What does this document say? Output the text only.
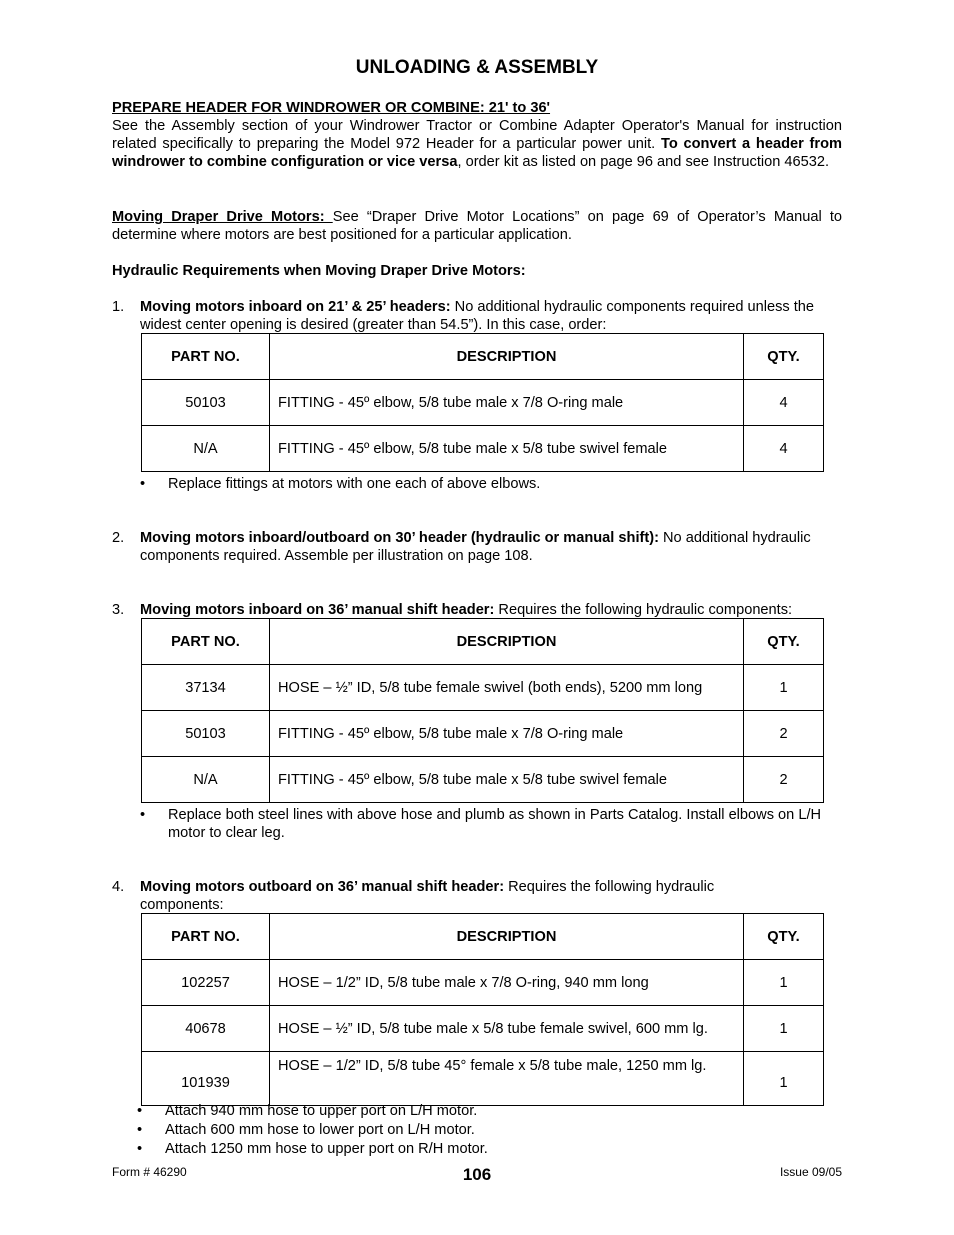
UNLOADING & ASSEMBLY
PREPARE HEADER FOR WINDROWER OR COMBINE: 21' to 36'
See the Assembly section of your Windrower Tractor or Combine Adapter Operator's Manual for instruction related specifically to preparing the Model 972 Header for a particular power unit. To convert a header from windrower to combine configuration or vice versa, order kit as listed on page 96 and see Instruction 46532.
Moving Draper Drive Motors: See “Draper Drive Motor Locations” on page 69 of Operator’s Manual to determine where motors are best positioned for a particular application.
Hydraulic Requirements when Moving Draper Drive Motors:
1. Moving motors inboard on 21’ & 25’ headers: No additional hydraulic components required unless the widest center opening is desired (greater than 54.5”). In this case, order:
PART NO.	DESCRIPTION	QTY.
50103	FITTING - 45º elbow, 5/8 tube male x 7/8 O-ring male	4
N/A	FITTING - 45º elbow, 5/8 tube male x 5/8 tube swivel female	4
• Replace fittings at motors with one each of above elbows.
2. Moving motors inboard/outboard on 30’ header (hydraulic or manual shift): No additional hydraulic components required. Assemble per illustration on page 108.
3. Moving motors inboard on 36’ manual shift header: Requires the following hydraulic components:
PART NO.	DESCRIPTION	QTY.
37134	HOSE – ½” ID, 5/8 tube female swivel (both ends), 5200 mm long	1
50103	FITTING - 45º elbow, 5/8 tube male x 7/8 O-ring male	2
N/A	FITTING - 45º elbow, 5/8 tube male x 5/8 tube swivel female	2
• Replace both steel lines with above hose and plumb as shown in Parts Catalog. Install elbows on L/H motor to clear leg.
4. Moving motors outboard on 36’ manual shift header: Requires the following hydraulic components:
PART NO.	DESCRIPTION	QTY.
102257	HOSE – 1/2” ID, 5/8 tube male x 7/8 O-ring, 940 mm long	1
40678	HOSE – ½” ID, 5/8 tube male x 5/8 tube female swivel, 600 mm lg.	1
101939	HOSE – 1/2” ID, 5/8 tube 45° female x 5/8 tube male, 1250 mm lg.	1
• Attach 940 mm hose to upper port on L/H motor.
• Attach 600 mm hose to lower port on L/H motor.
• Attach 1250 mm hose to upper port on R/H motor.
Form # 46290	106	Issue 09/05
